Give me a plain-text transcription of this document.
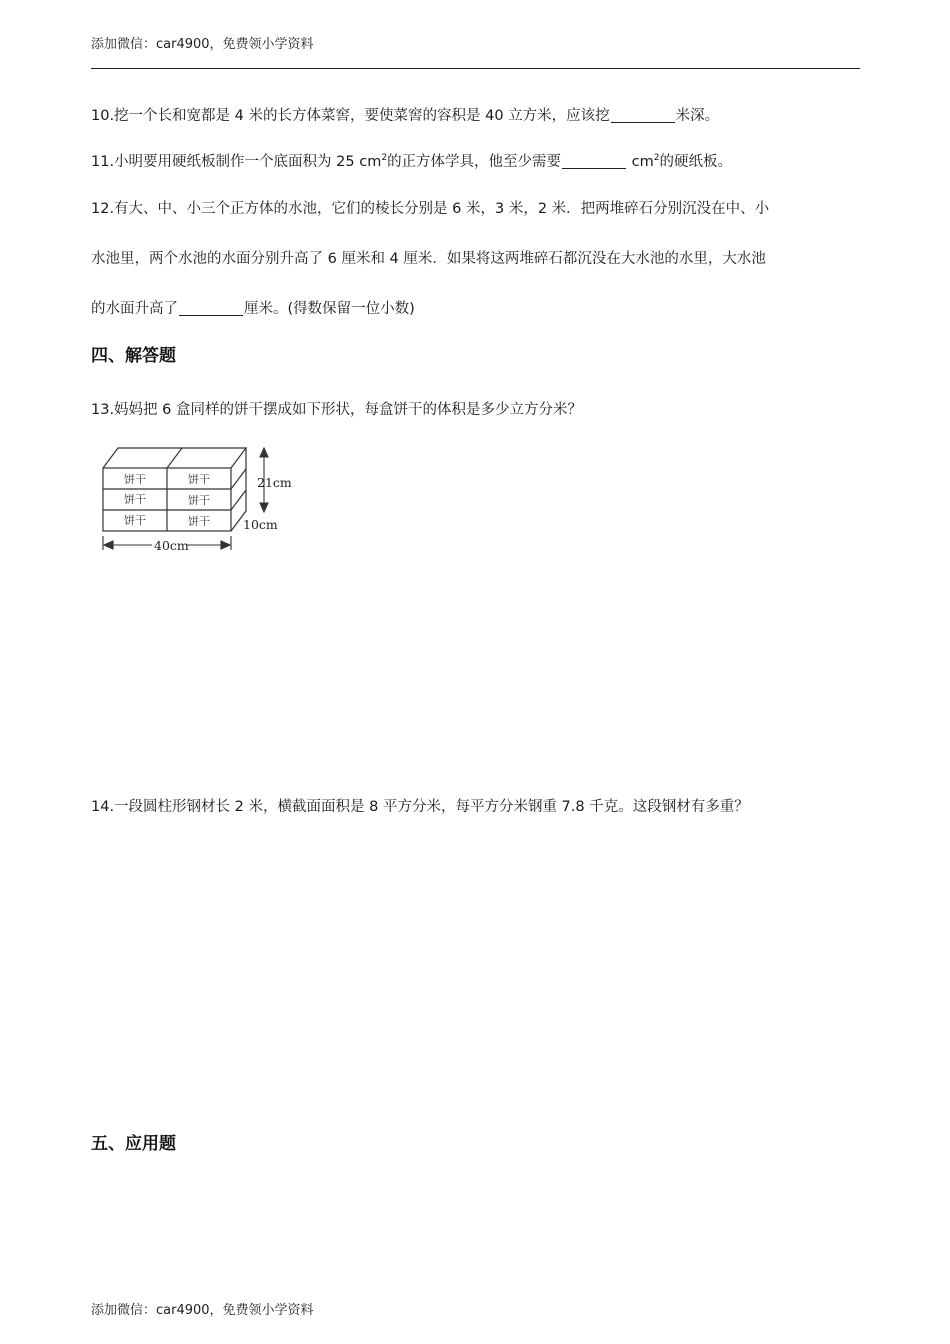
添加微信：car4900，免费领小学资料
10.挖一个长和宽都是 4 米的长方体菜窖，要使菜窖的容积是 40 立方米，应该挖	米深。
11.小明要用硬纸板制作一个底面积为 25 $cm^2$的正方体学具，他至少需要	$cm^2$的硬纸板。
12.有大、中、小三个正方体的水池，它们的棱长分别是 6 米，3 米，2 米．把两堆碎石分别沉没在中、小
水池里，两个水池的水面分别升高了 6 厘米和 4 厘米．如果将这两堆碎石都沉没在大水池的水里，大水池
的水面升高了	厘米。(得数保留一位小数)
四、解答题
13.妈妈把 6 盒同样的饼干摆成如下形状，每盒饼干的体积是多少立方分米？
饼干	饼干
饼干	饼干
饼干	饼干
21cm
10cm
40cm
14.一段圆柱形钢材长 2 米，横截面面积是 8 平方分米，每平方分米钢重 7.8 千克。这段钢材有多重？
五、应用题
添加微信：car4900，免费领小学资料
